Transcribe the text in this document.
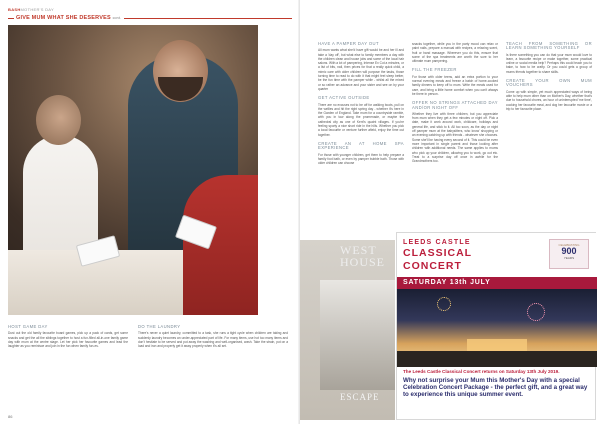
BASHMOTHER'S DAY
GIVE MUM WHAT SHE DESERVES cont.
HOST GAME DAY

Dust out the old family favourite board games, pick up a pack of cards, get some snacks and get the all the siblings together to host a fun-filled all-in-one family game day with mum at the centre stage. Let her pick her favourite games and lead the laughter as you reminisce and join in the fun when family fun-es.

DO THE LAUNDRY

There's never a quiet laundry, committed to a task, she runs a tight cycle when children are taking and suddenly laundry becomes an under-appreciated part of life. For many items, use hot too many items and don't hesitate to be served and put away the washing and well-organised, wash. Take the strain, put on a load and iron and properly get it away properly when it's all set.

86
HAVE A PAMPER DAY OUT

All mum wants what she'd have gift would be and her ill and take a 'day off', but what else to family members a day with the children clean and house jobs and some of the local hair salons. With a lot of pampering, Intense Ex Cut a minutes, or a list of bits, nail, then prices for that a really quick child, a mimic care with older children will purpose the tasks, those turning time to read to do with it that might feel sleep better, be the fun time with the pamper while - whilst all the mixed or so rather an advance and your sister and see on by your quarter

GET ACTIVE OUTSIDE

There are no excuses not to be off for walking boots, pull on the wellies and hit the right spring day - whether it's here in the Garden of England. Take mum for a countryside ramble, with you in tow along the promenade, or maybe the cathedral city as one of Kent's quaint villages. If you're feeling sporty a nice short ride in the hills. Whether you pick a local favourite or venture further afield, enjoy the time out together.

CREATE AN AT HOME SPA EXPERIENCE

For those with younger children, get them to help prepare a family foot bath, or even by pamper bubble bath. Those with older children can choose

snacks together, while you in the party mood can relax or paint nails, prepare a manual with recipes, a relaxing scent, fruit or hand massage. Wherever you do this, ensure that some of the spa treatments are worth the sure to her ultimate mum pampering.

FILL THE FREEZER

For those with older teens, add an extra portion to your normal evening meals and freeze a batch of home-cooked family dinners to keep off to mum. Write the meals used for care, and bring a little home comfort when you can't always be there in person.

OFFER NO STRINGS ATTACHED DAY AND/OR NIGHT OFF

Whether they live with three children, but you appreciate from mum when they get a few minutes or night off. Pick a date, make it work around work, childcare, holidays and general life, and stick to it. All too soon, as the day or night off pamper mum at the babysitters, who know' shopping or an evening catching up with friends - whatever she chooses. Some she'll be having every second of it. This could be even more important in single parent and those looking after children with additional needs. The same applies to mums who pick up your children, allowing you to work, go out etc. Treat to a surprise day off once in awhile for the Grandmothers too.

TEACH FROM SOMETHING OR LEARN SOMETHING YOURSELF

Is there something you can do that your mum would love to learn, a favourite recipe or make together, some practical online or social media help? Perhaps this could teach you to bake, to how to be crafty. Or you could gets a group of mums friends together to share skills.

CREATE YOUR OWN MUM VOUCHERS

Come up with simple, yet much appreciated ways of being able to help mum other than on Mother's Day, whether that's due to household chores, an hour of uninterrupted 'me time', cooking her favourite meal, and dog her favourite movie or a trip to her favourite place.

WEST
HOUSE
ESCAPE
LEEDS CASTLE
CLASSICAL
CONCERT
CELEBRATING
900
YEARS
SATURDAY 13th JULY
The Leeds Castle Classical Concert returns on Saturday 13th July 2019.
Why not surprise your Mum this Mother's Day with a special Celebration Concert Package - the perfect gift, and a great way to experience this unique summer event.
